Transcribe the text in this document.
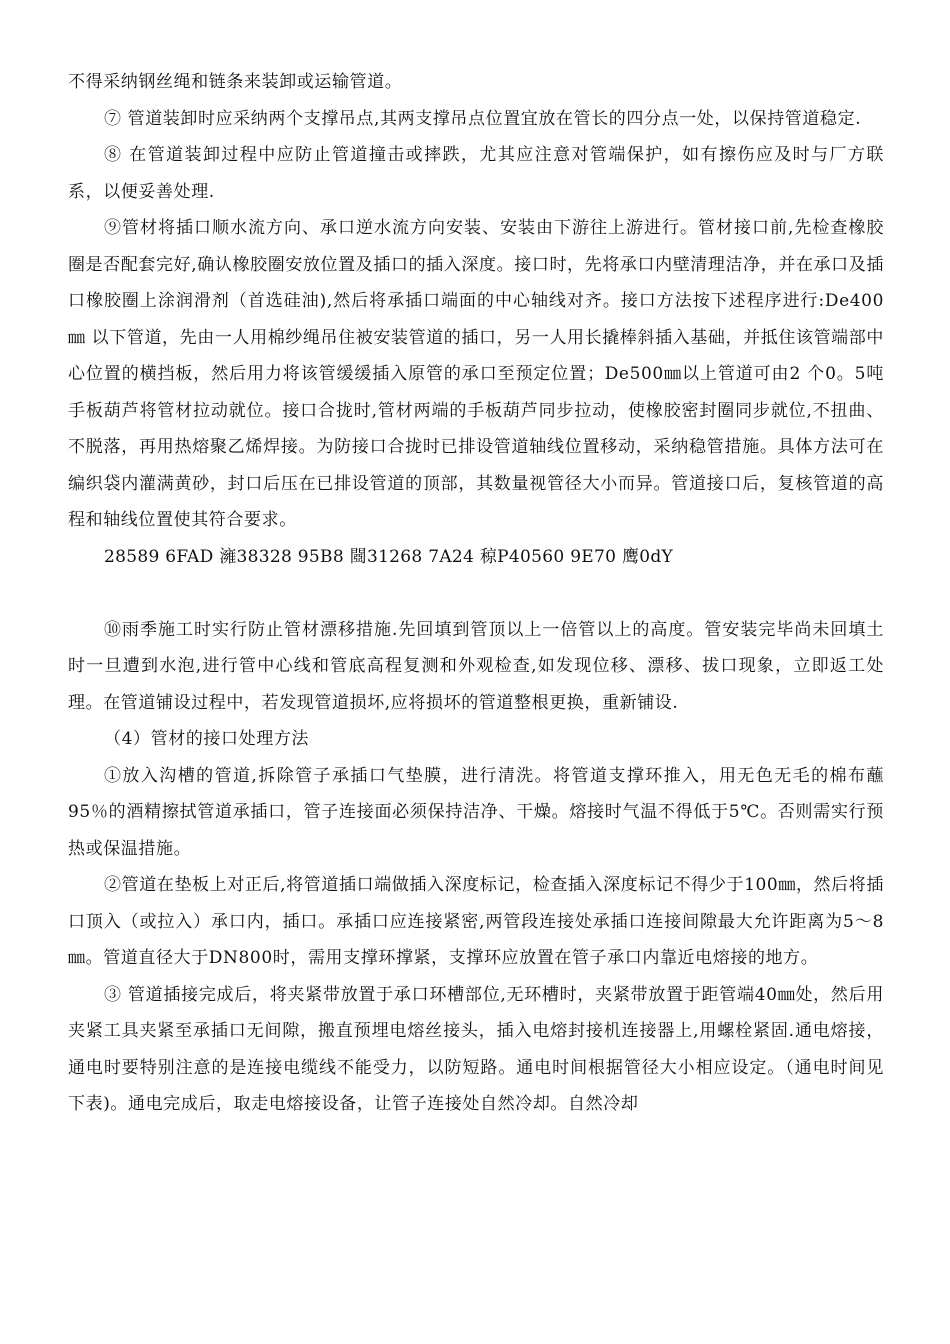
不得采纳钢丝绳和链条来装卸或运输管道。

⑦ 管道装卸时应采纳两个支撑吊点,其两支撑吊点位置宜放在管长的四分点一处，以保持管道稳定.

⑧ 在管道装卸过程中应防止管道撞击或摔跌，尤其应注意对管端保护，如有擦伤应及时与厂方联系，以便妥善处理.

⑨管材将插口顺水流方向、承口逆水流方向安装、安装由下游往上游进行。管材接口前,先检查橡胶圈是否配套完好,确认橡胶圈安放位置及插口的插入深度。接口时，先将承口内壁清理洁净，并在承口及插口橡胶圈上涂润滑剂（首选硅油),然后将承插口端面的中心轴线对齐。接口方法按下述程序进行:De400㎜ 以下管道，先由一人用棉纱绳吊住被安装管道的插口，另一人用长撬棒斜插入基础，并抵住该管端部中心位置的横挡板，然后用力将该管缓缓插入原管的承口至预定位置；De500㎜以上管道可由2 个0。5吨手板葫芦将管材拉动就位。接口合拢时,管材两端的手板葫芦同步拉动，使橡胶密封圈同步就位,不扭曲、不脱落，再用热熔聚乙烯焊接。为防接口合拢时已排设管道轴线位置移动，采纳稳管措施。具体方法可在编织袋内灌满黄砂，封口后压在已排设管道的顶部，其数量视管径大小而异。管道接口后，复核管道的高程和轴线位置使其符合要求。

28589 6FAD 澭38328 95B8 閸31268 7A24 稤P40560 9E70 鹰0dY

⑩雨季施工时实行防止管材漂移措施.先回填到管顶以上一倍管以上的高度。管安装完毕尚未回填土时一旦遭到水泡,进行管中心线和管底高程复测和外观检查,如发现位移、漂移、拔口现象，立即返工处理。在管道铺设过程中，若发现管道损坏,应将损坏的管道整根更换，重新铺设.

（4）管材的接口处理方法

①放入沟槽的管道,拆除管子承插口气垫膜，进行清洗。将管道支撑环推入，用无色无毛的棉布蘸95％的酒精擦拭管道承插口，管子连接面必须保持洁净、干燥。熔接时气温不得低于5℃。否则需实行预热或保温措施。

②管道在垫板上对正后,将管道插口端做插入深度标记，检查插入深度标记不得少于100㎜，然后将插口顶入（或拉入）承口内，插口。承插口应连接紧密,两管段连接处承插口连接间隙最大允许距离为5～8㎜。管道直径大于DN800时，需用支撑环撑紧，支撑环应放置在管子承口内靠近电熔接的地方。

③ 管道插接完成后，将夹紧带放置于承口环槽部位,无环槽时，夹紧带放置于距管端40㎜处，然后用夹紧工具夹紧至承插口无间隙，搬直预埋电熔丝接头，插入电熔封接机连接器上,用螺栓紧固.通电熔接，通电时要特别注意的是连接电缆线不能受力，以防短路。通电时间根据管径大小相应设定。（通电时间见下表)。通电完成后，取走电熔接设备，让管子连接处自然冷却。自然冷却
